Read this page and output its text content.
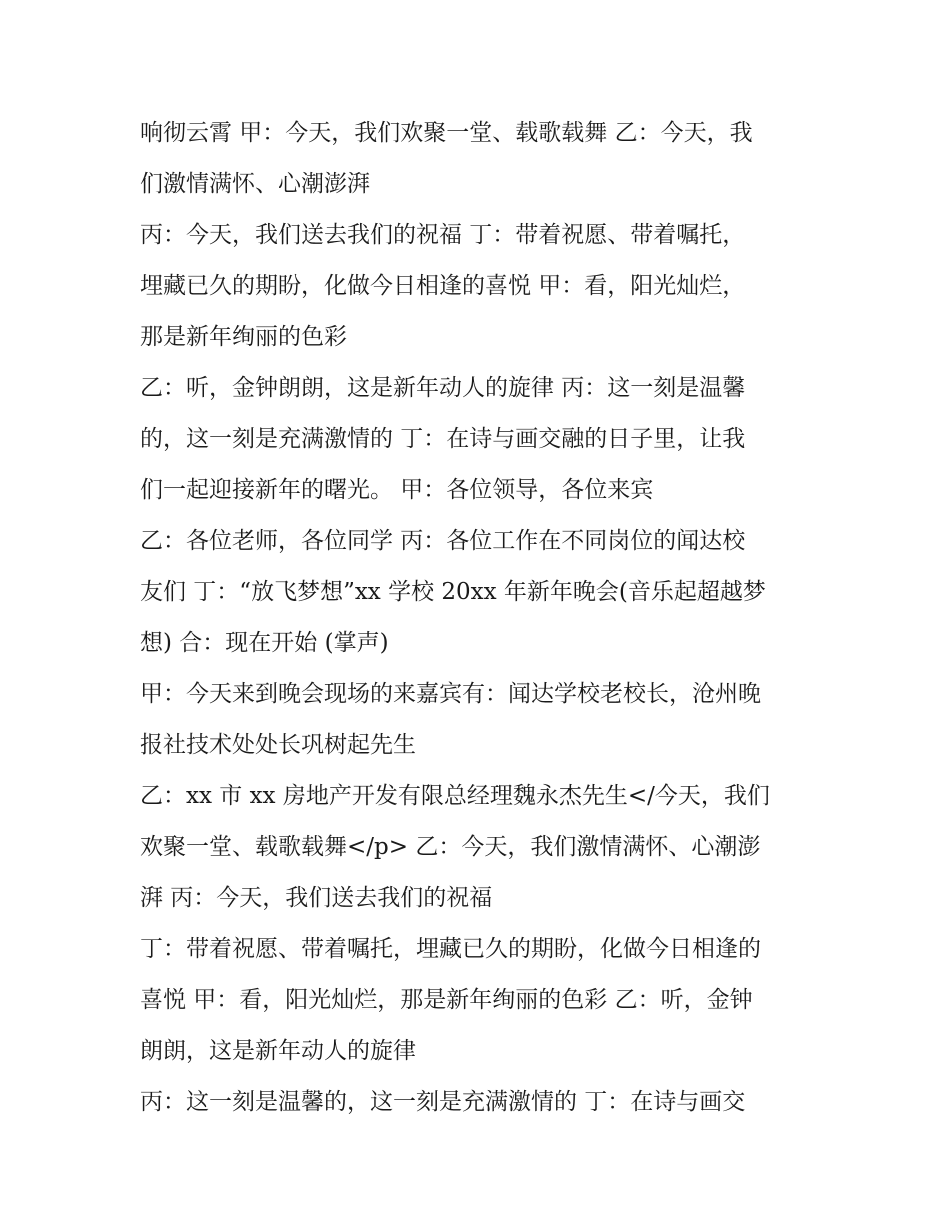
响彻云霄 甲：今天，我们欢聚一堂、载歌载舞 乙：今天，我

们激情满怀、心潮澎湃

丙：今天，我们送去我们的祝福 丁：带着祝愿、带着嘱托，

埋藏已久的期盼，化做今日相逢的喜悦 甲：看，阳光灿烂，

那是新年绚丽的色彩

乙：听，金钟朗朗，这是新年动人的旋律 丙：这一刻是温馨

的，这一刻是充满激情的 丁：在诗与画交融的日子里，让我

们一起迎接新年的曙光。 甲：各位领导，各位来宾

乙：各位老师，各位同学 丙：各位工作在不同岗位的闻达校

友们 丁：“放飞梦想”xx 学校 20xx 年新年晚会(音乐起超越梦

想) 合：现在开始 (掌声)

甲：今天来到晚会现场的来嘉宾有：闻达学校老校长，沧州晚

报社技术处处长巩树起先生

乙：xx 市 xx 房地产开发有限总经理魏永杰先生</今天，我们

欢聚一堂、载歌载舞</p> 乙：今天，我们激情满怀、心潮澎

湃 丙：今天，我们送去我们的祝福

丁：带着祝愿、带着嘱托，埋藏已久的期盼，化做今日相逢的

喜悦 甲：看，阳光灿烂，那是新年绚丽的色彩 乙：听，金钟

朗朗，这是新年动人的旋律

丙：这一刻是温馨的，这一刻是充满激情的 丁：在诗与画交
